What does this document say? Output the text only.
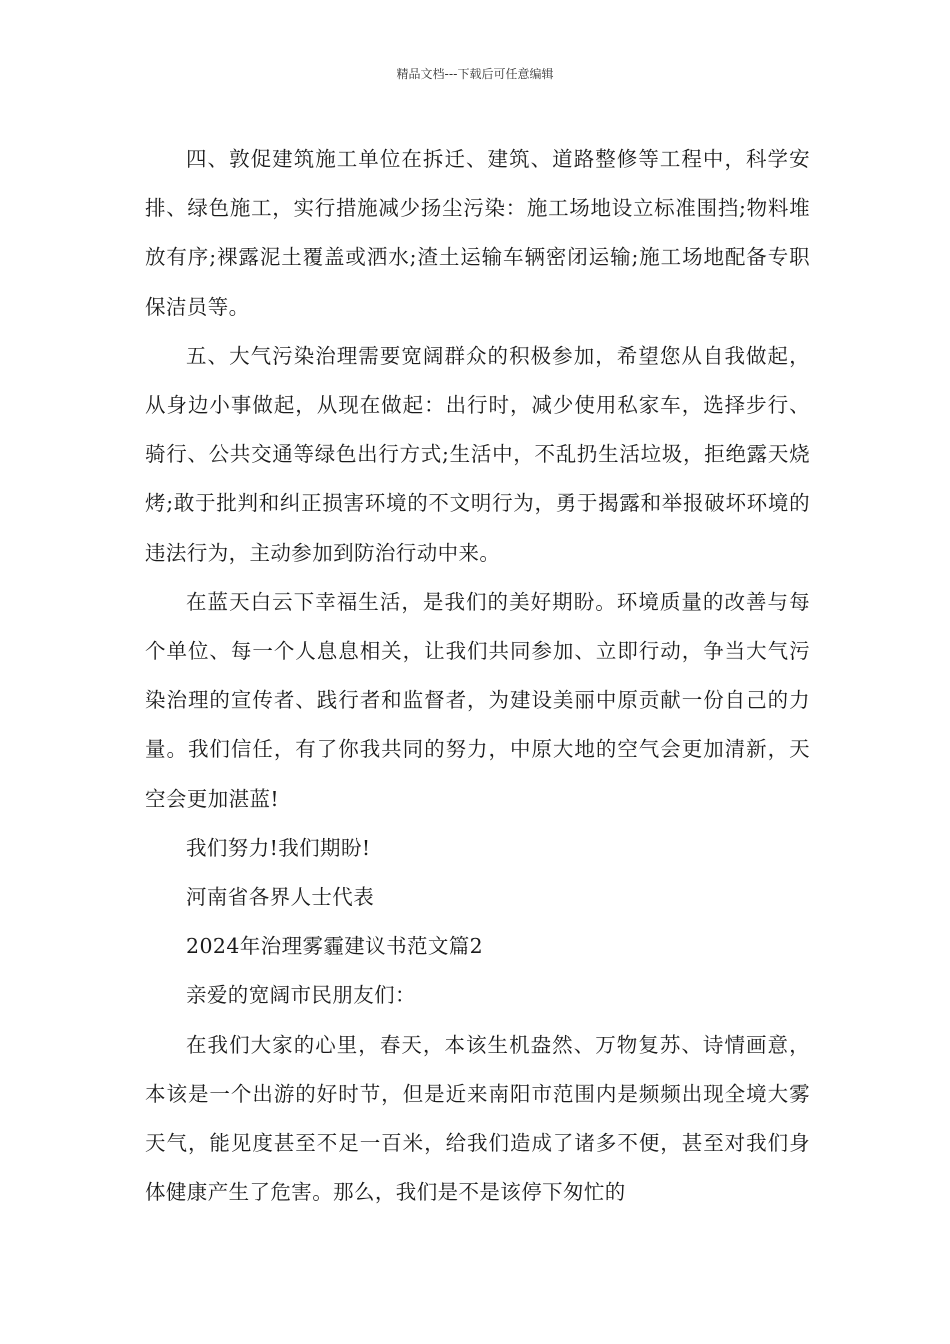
精品文档---下载后可任意编辑

四、敦促建筑施工单位在拆迁、建筑、道路整修等工程中，科学安排、绿色施工，实行措施减少扬尘污染：施工场地设立标准围挡;物料堆放有序;裸露泥土覆盖或洒水;渣土运输车辆密闭运输;施工场地配备专职保洁员等。

五、大气污染治理需要宽阔群众的积极参加，希望您从自我做起，从身边小事做起，从现在做起：出行时，减少使用私家车，选择步行、骑行、公共交通等绿色出行方式;生活中，不乱扔生活垃圾，拒绝露天烧烤;敢于批判和纠正损害环境的不文明行为，勇于揭露和举报破坏环境的违法行为，主动参加到防治行动中来。

在蓝天白云下幸福生活，是我们的美好期盼。环境质量的改善与每个单位、每一个人息息相关，让我们共同参加、立即行动，争当大气污染治理的宣传者、践行者和监督者，为建设美丽中原贡献一份自己的力量。我们信任，有了你我共同的努力，中原大地的空气会更加清新，天空会更加湛蓝!

我们努力!我们期盼!

河南省各界人士代表

2024年治理雾霾建议书范文篇2

亲爱的宽阔市民朋友们：

在我们大家的心里，春天，本该生机盎然、万物复苏、诗情画意，本该是一个出游的好时节，但是近来南阳市范围内是频频出现全境大雾天气，能见度甚至不足一百米，给我们造成了诸多不便，甚至对我们身体健康产生了危害。那么，我们是不是该停下匆忙的
